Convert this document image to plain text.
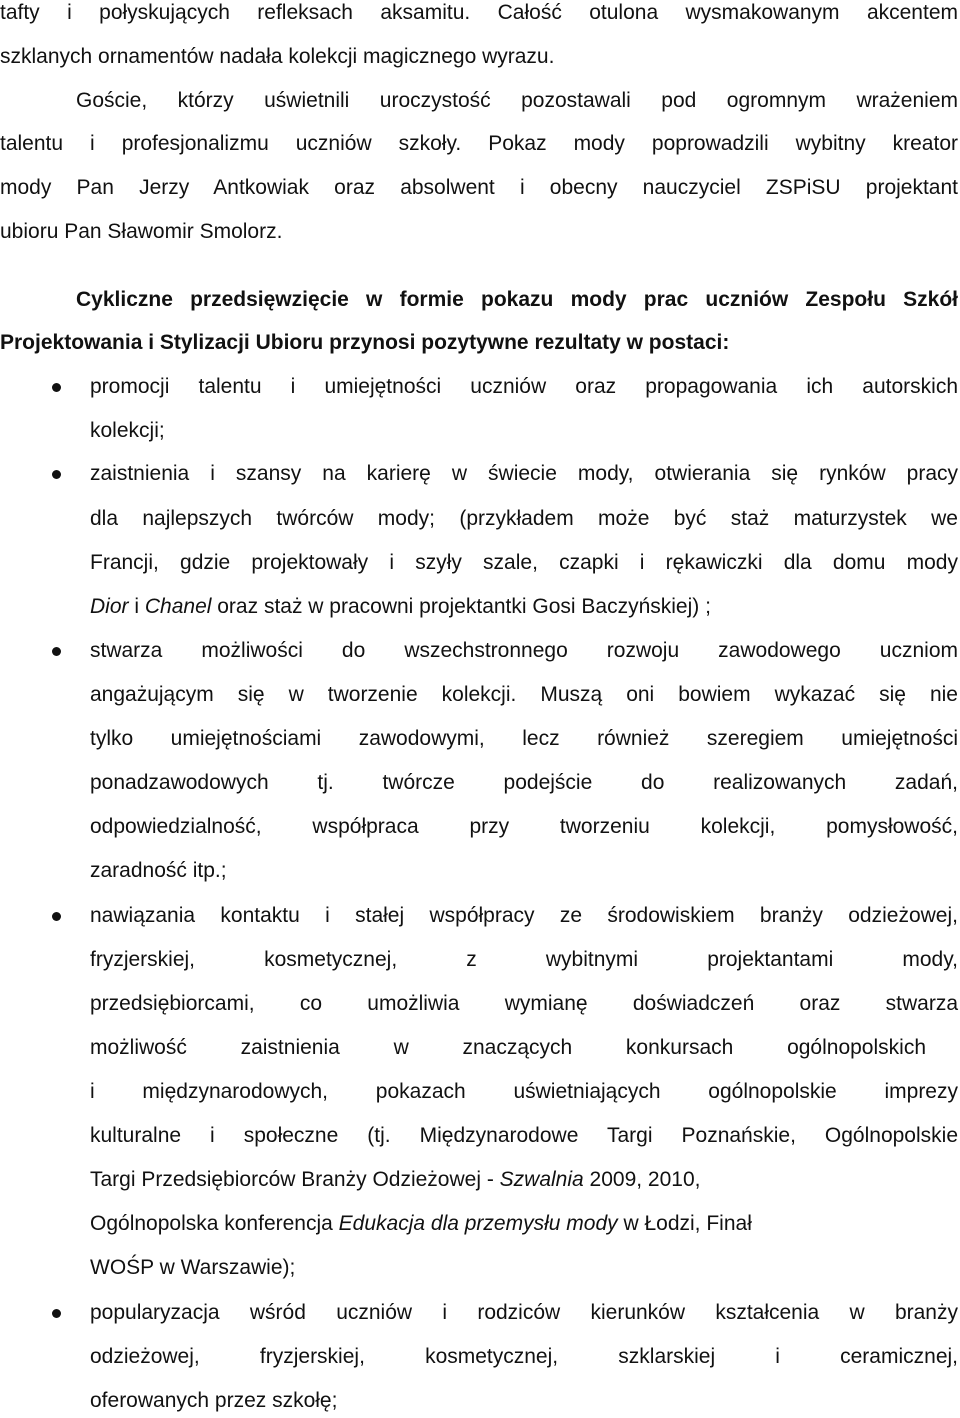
tafty i połyskujących refleksach aksamitu. Całość otulona wysmakowanym akcentem
szklanych ornamentów nadała kolekcji magicznego wyrazu.
Goście, którzy uświetnili uroczystość pozostawali pod ogromnym wrażeniem
talentu i profesjonalizmu uczniów szkoły. Pokaz mody poprowadzili wybitny kreator
mody Pan Jerzy Antkowiak oraz absolwent i obecny nauczyciel ZSPiSU projektant
ubioru Pan Sławomir Smolorz.
Cykliczne przedsięwzięcie w formie pokazu mody prac uczniów Zespołu Szkół
Projektowania i Stylizacji Ubioru przynosi pozytywne rezultaty w postaci:
promocji talentu i umiejętności uczniów oraz propagowania ich autorskich
kolekcji;
zaistnienia i szansy na karierę w świecie mody, otwierania się rynków pracy
dla najlepszych twórców mody; (przykładem może być staż maturzystek we
Francji, gdzie projektowały i szyły szale, czapki i rękawiczki dla domu mody
Dior i Chanel oraz staż w pracowni projektantki Gosi Baczyńskiej) ;
stwarza możliwości do wszechstronnego rozwoju zawodowego uczniom
angażującym się w tworzenie kolekcji. Muszą oni bowiem wykazać się nie
tylko umiejętnościami zawodowymi, lecz również szeregiem umiejętności
ponadzawodowych tj. twórcze podejście do realizowanych zadań,
odpowiedzialność, współpraca przy tworzeniu kolekcji, pomysłowość,
zaradność itp.;
nawiązania kontaktu i stałej współpracy ze środowiskiem branży odzieżowej,
fryzjerskiej, kosmetycznej, z wybitnymi projektantami mody,
przedsiębiorcami, co umożliwia wymianę doświadczeń oraz stwarza
możliwość zaistnienia w znaczących konkursach ogólnopolskich
i międzynarodowych, pokazach uświetniających ogólnopolskie imprezy
kulturalne i społeczne (tj. Międzynarodowe Targi Poznańskie, Ogólnopolskie
Targi Przedsiębiorców Branży Odzieżowej - Szwalnia 2009, 2010,
Ogólnopolska konferencja Edukacja dla przemysłu mody w Łodzi, Finał
WOŚP w Warszawie);
popularyzacja wśród uczniów i rodziców kierunków kształcenia w branży
odzieżowej, fryzjerskiej, kosmetycznej, szklarskiej i ceramicznej,
oferowanych przez szkołę;
